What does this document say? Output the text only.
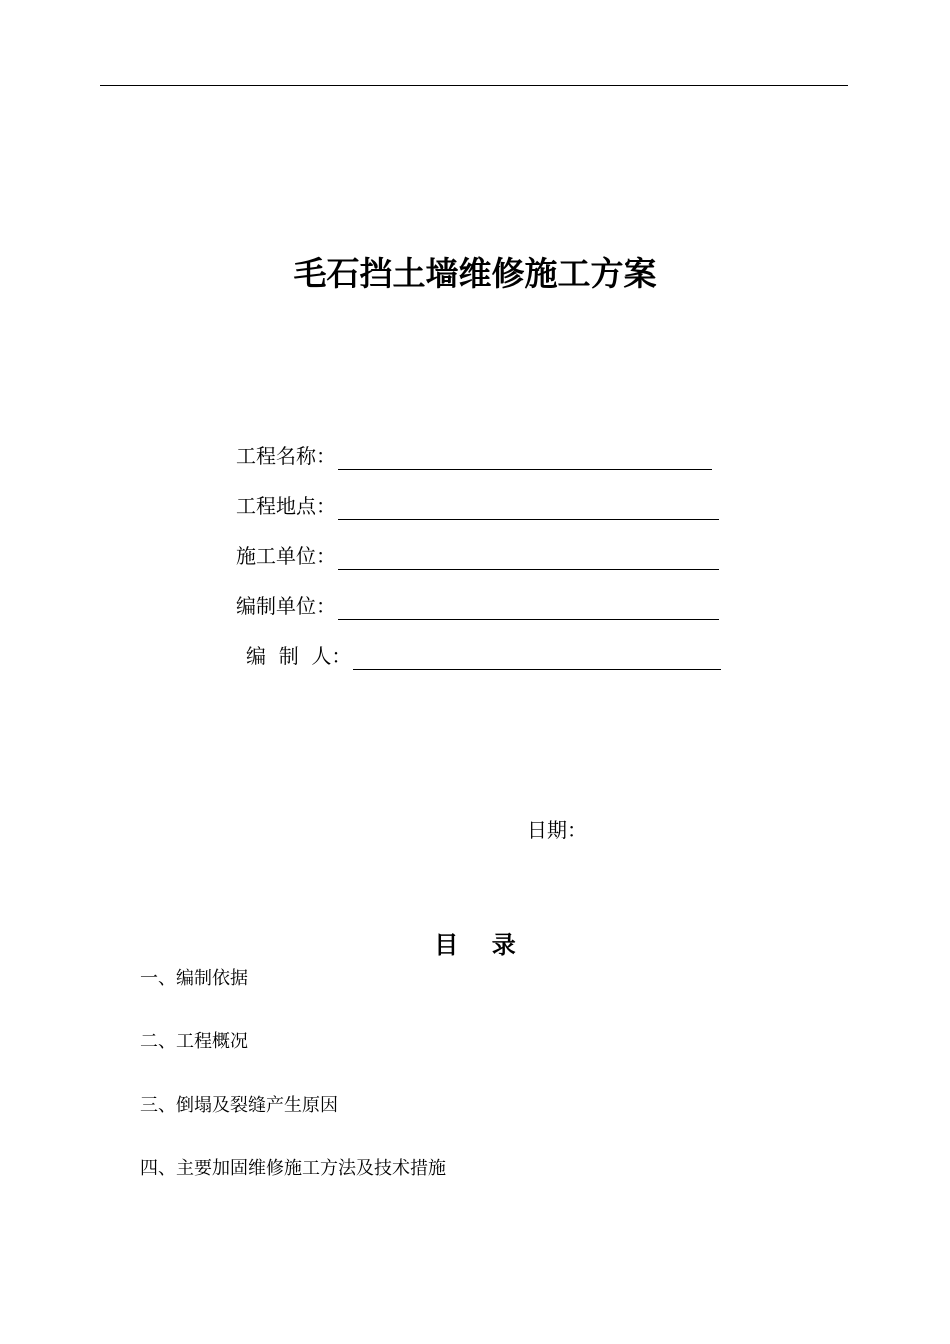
毛石挡土墙维修施工方案
工程名称：
工程地点：
施工单位：
编制单位：
编  制  人：
日期：
目    录
一、编制依据
二、工程概况
三、倒塌及裂缝产生原因
四、主要加固维修施工方法及技术措施
